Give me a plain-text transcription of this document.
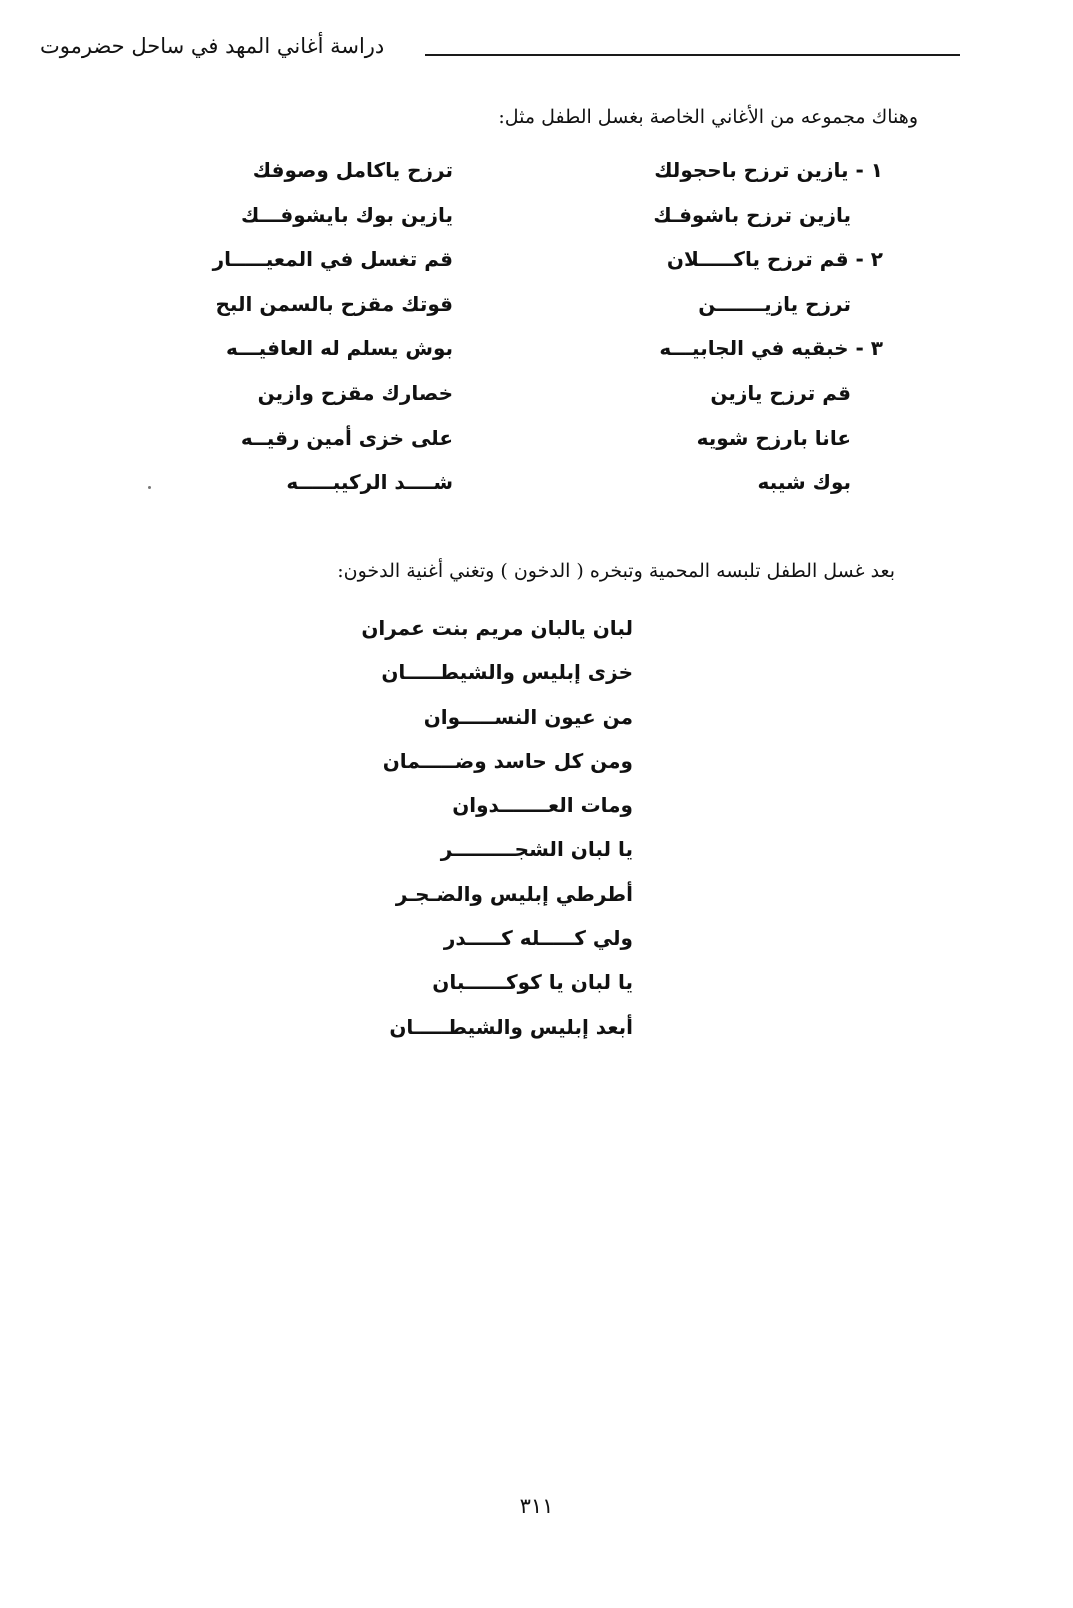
دراسة أغاني المهد في ساحل حضرموت
وهناك مجموعه من الأغاني الخاصة بغسل الطفل مثل:
١ - يازين ترزح باحجولك
ترزح ياكامل وصوفك
يازين ترزح باشوفـك
يازين بوك بايشوفـــك
٢ - قم ترزح ياكـــــلان
قم تغسل في المعيـــــار
ترزح يازيـــــــن
قوتك مقزح بالسمن البح
٣ - خبقيه في الجابيـــه
بوش يسلم له العافيـــه
قم ترزح يازين
خصارك مقزح وازين
عانا بارزح شويه
على خزى أمين رقيــه
بوك شيبه
شــــد الركيبـــــه
بعد غسل الطفل تلبسه المحمية وتبخره ( الدخون ) وتغني أغنية الدخون:
لبان يالبان مريم بنت عمران
خزى إبليس والشيطـــــان
من عيون النســـــوان
ومن كل حاسد وضـــــمان
ومات العـــــــدوان
يا لبان الشجـــــــــر
أطرطي إبليس والضـجـر
ولي كـــــله كـــــدر
يا لبان يا كوكــــــبان
أبعد إبليس والشيطـــــان
٣١١
